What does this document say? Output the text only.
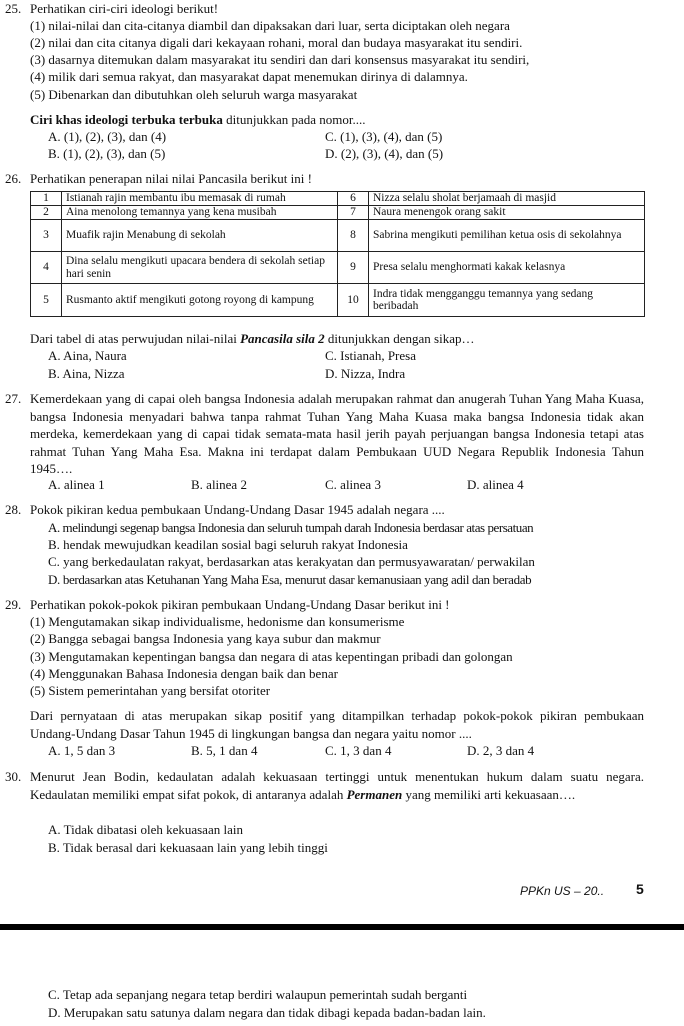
25. Perhatikan ciri-ciri ideologi berikut!
(1) nilai-nilai dan cita-citanya diambil dan dipaksakan dari luar, serta diciptakan oleh negara
(2) nilai dan cita citanya digali dari kekayaan rohani, moral dan budaya masyarakat itu sendiri.
(3) dasarnya ditemukan dalam masyarakat itu sendiri dan dari konsensus masyarakat itu sendiri,
(4) milik dari semua rakyat, dan masyarakat dapat menemukan dirinya di dalamnya.
(5) Dibenarkan dan dibutuhkan oleh seluruh warga masyarakat
Ciri khas ideologi terbuka terbuka ditunjukkan pada nomor....
A. (1), (2), (3), dan (4)
B. (1), (2), (3), dan (5)
C. (1), (3), (4), dan (5)
D. (2), (3), (4), dan (5)
26. Perhatikan penerapan nilai nilai Pancasila berikut ini !
1	Istianah rajin membantu ibu memasak di rumah	6	Nizza selalu sholat berjamaah di masjid
2	Aina menolong temannya yang kena musibah	7	Naura menengok orang sakit
3	Muafik rajin Menabung di sekolah	8	Sabrina mengikuti pemilihan ketua osis di sekolahnya
4	Dina selalu mengikuti upacara bendera di sekolah setiap hari senin	9	Presa selalu menghormati kakak kelasnya
5	Rusmanto aktif mengikuti gotong royong di kampung	10	Indra tidak mengganggu temannya yang sedang beribadah
Dari tabel di atas perwujudan nilai-nilai Pancasila sila 2 ditunjukkan dengan sikap…
A. Aina, Naura
B. Aina, Nizza
C. Istianah, Presa
D. Nizza, Indra
27. Kemerdekaan yang di capai oleh bangsa Indonesia adalah merupakan rahmat dan anugerah Tuhan Yang Maha Kuasa, bangsa Indonesia menyadari bahwa tanpa rahmat Tuhan Yang Maha Kuasa maka bangsa Indonesia tidak akan merdeka, kemerdekaan yang di capai tidak semata-mata hasil jerih payah perjuangan bangsa Indonesia tetapi atas rahmat Tuhan Yang Maha Esa. Makna ini terdapat dalam Pembukaan UUD Negara Republik Indonesia Tahun 1945….
A. alinea 1	B. alinea 2	C. alinea 3	D. alinea 4
28. Pokok pikiran kedua pembukaan Undang-Undang Dasar 1945 adalah negara ....
A. melindungi segenap bangsa Indonesia dan seluruh tumpah darah Indonesia berdasar atas persatuan
B. hendak mewujudkan keadilan sosial bagi seluruh rakyat Indonesia
C. yang berkedaulatan rakyat, berdasarkan atas kerakyatan dan permusyawaratan/ perwakilan
D. berdasarkan atas Ketuhanan Yang Maha Esa, menurut dasar kemanusiaan yang adil dan beradab
29. Perhatikan pokok-pokok pikiran pembukaan Undang-Undang Dasar berikut ini !
(1) Mengutamakan sikap individualisme, hedonisme dan konsumerisme
(2) Bangga sebagai bangsa Indonesia yang kaya subur dan makmur
(3) Mengutamakan kepentingan bangsa dan negara di atas kepentingan pribadi dan golongan
(4) Menggunakan Bahasa Indonesia dengan baik dan benar
(5) Sistem pemerintahan yang bersifat otoriter
Dari pernyataan di atas merupakan sikap positif yang ditampilkan terhadap pokok-pokok pikiran pembukaan Undang-Undang Dasar Tahun 1945 di lingkungan bangsa dan negara yaitu nomor ....
A. 1, 5 dan 3	B. 5, 1 dan 4	C. 1, 3 dan 4	D. 2, 3 dan 4
30. Menurut Jean Bodin, kedaulatan adalah kekuasaan tertinggi untuk menentukan hukum dalam suatu negara. Kedaulatan memiliki empat sifat pokok, di antaranya adalah Permanen yang memiliki arti kekuasaan….
A. Tidak dibatasi oleh kekuasaan lain
B. Tidak berasal dari kekuasaan lain yang lebih tinggi
PPKn US – 20.. 5
C. Tetap ada sepanjang negara tetap berdiri walaupun pemerintah sudah berganti
D. Merupakan satu satunya dalam negara dan tidak dibagi kepada badan-badan lain.
